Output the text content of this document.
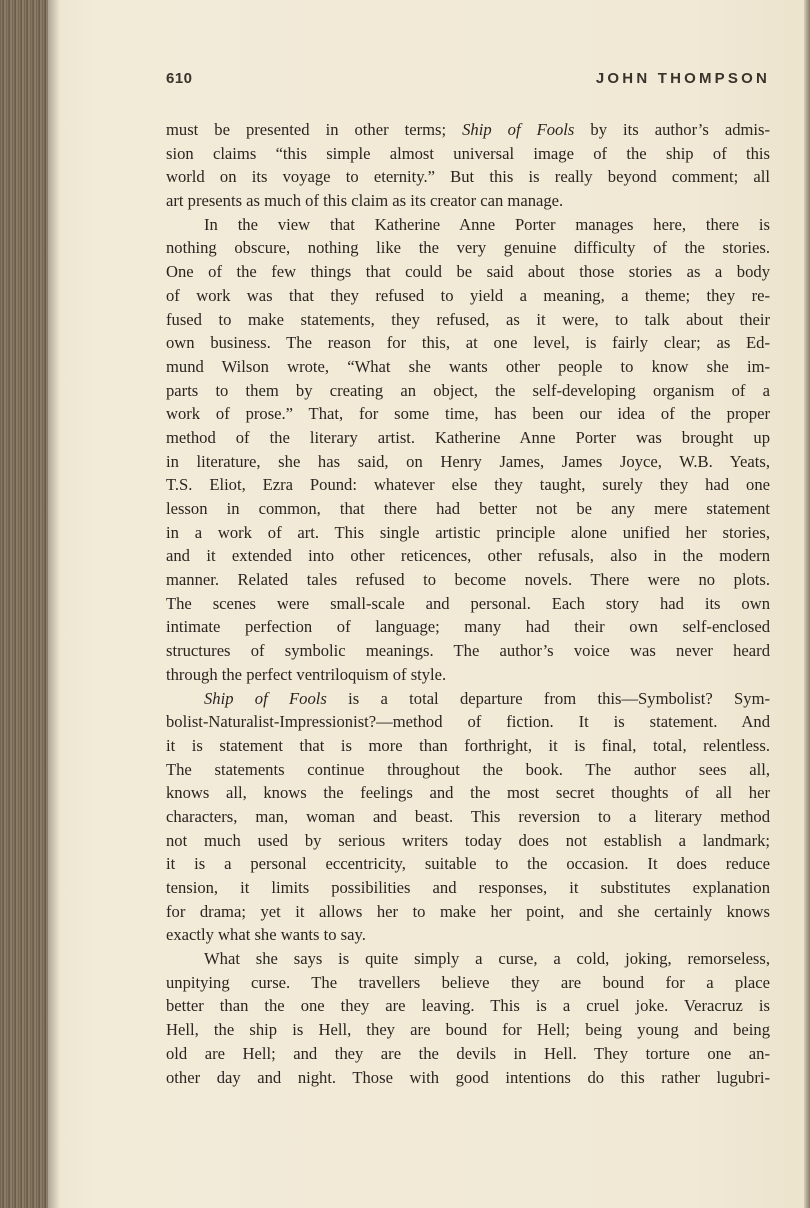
610	JOHN THOMPSON
must be presented in other terms; Ship of Fools by its author’s admis-
sion claims “this simple almost universal image of the ship of this
world on its voyage to eternity.” But this is really beyond comment; all
art presents as much of this claim as its creator can manage.
In the view that Katherine Anne Porter manages here, there is
nothing obscure, nothing like the very genuine difficulty of the stories.
One of the few things that could be said about those stories as a body
of work was that they refused to yield a meaning, a theme; they re-
fused to make statements, they refused, as it were, to talk about their
own business. The reason for this, at one level, is fairly clear; as Ed-
mund Wilson wrote, “What she wants other people to know she im-
parts to them by creating an object, the self-developing organism of a
work of prose.” That, for some time, has been our idea of the proper
method of the literary artist. Katherine Anne Porter was brought up
in literature, she has said, on Henry James, James Joyce, W.B. Yeats,
T.S. Eliot, Ezra Pound: whatever else they taught, surely they had one
lesson in common, that there had better not be any mere statement
in a work of art. This single artistic principle alone unified her stories,
and it extended into other reticences, other refusals, also in the modern
manner. Related tales refused to become novels. There were no plots.
The scenes were small-scale and personal. Each story had its own
intimate perfection of language; many had their own self-enclosed
structures of symbolic meanings. The author’s voice was never heard
through the perfect ventriloquism of style.
Ship of Fools is a total departure from this—Symbolist? Sym-
bolist-Naturalist-Impressionist?—method of fiction. It is statement. And
it is statement that is more than forthright, it is final, total, relentless.
The statements continue throughout the book. The author sees all,
knows all, knows the feelings and the most secret thoughts of all her
characters, man, woman and beast. This reversion to a literary method
not much used by serious writers today does not establish a landmark;
it is a personal eccentricity, suitable to the occasion. It does reduce
tension, it limits possibilities and responses, it substitutes explanation
for drama; yet it allows her to make her point, and she certainly knows
exactly what she wants to say.
What she says is quite simply a curse, a cold, joking, remorseless,
unpitying curse. The travellers believe they are bound for a place
better than the one they are leaving. This is a cruel joke. Veracruz is
Hell, the ship is Hell, they are bound for Hell; being young and being
old are Hell; and they are the devils in Hell. They torture one an-
other day and night. Those with good intentions do this rather lugubri-
